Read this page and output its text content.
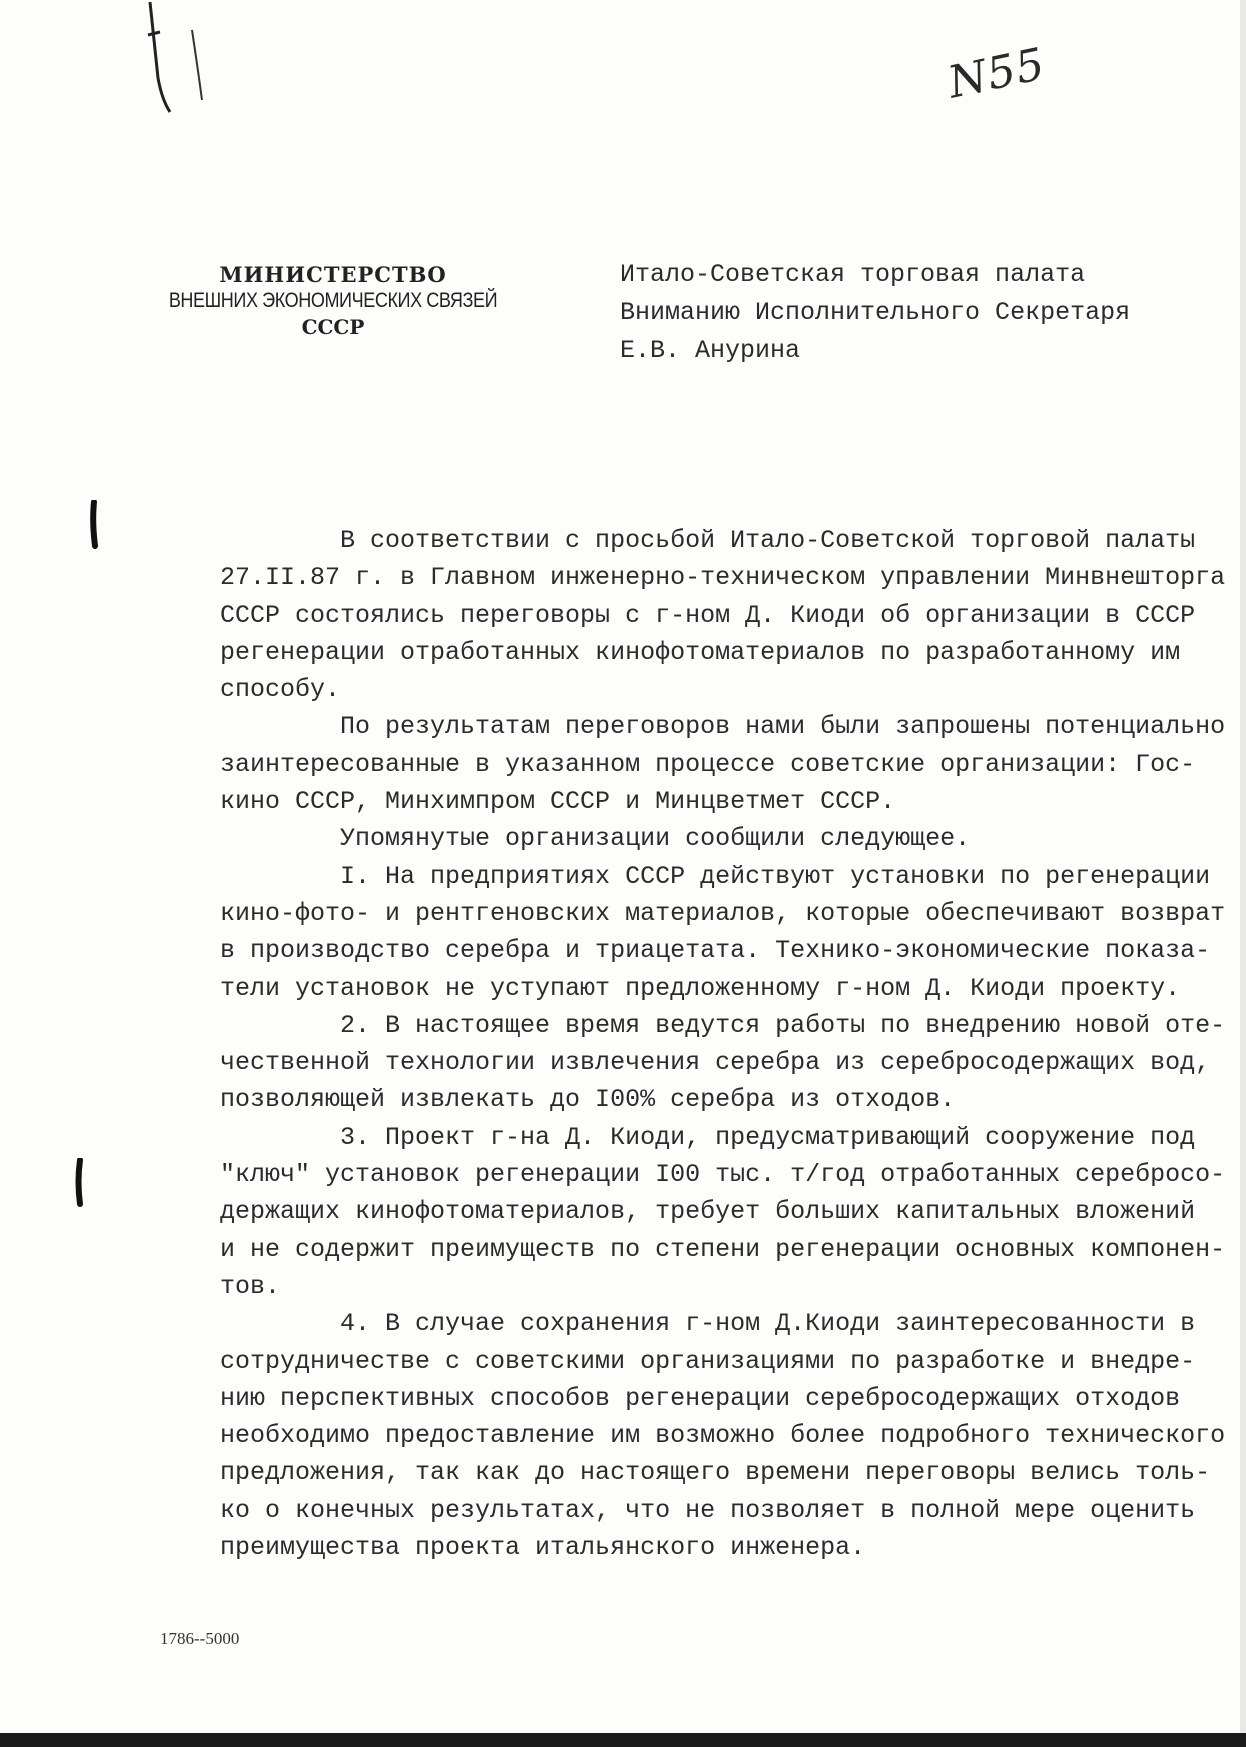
N55
МИНИСТЕРСТВО
ВНЕШНИХ ЭКОНОМИЧЕСКИХ СВЯЗЕЙ
СССР
Итало-Советская торговая палата
Вниманию Исполнительного Секретаря
Е.В. Анурина
В соответствии с просьбой Итало-Советской торговой палаты
27.II.87 г. в Главном инженерно-техническом управлении Минвнешторга
СССР состоялись переговоры с г-ном Д. Киоди об организации в СССР
регенерации отработанных кинофотоматериалов по разработанному им
способу.
По результатам переговоров нами были запрошены потенциально
заинтересованные в указанном процессе советские организации: Гос-
кино СССР, Минхимпром СССР и Минцветмет СССР.
Упомянутые организации сообщили следующее.
I. На предприятиях СССР действуют установки по регенерации
кино-фото- и рентгеновских материалов, которые обеспечивают возврат
в производство серебра и триацетата. Технико-экономические показа-
тели установок не уступают предложенному г-ном Д. Киоди проекту.
2. В настоящее время ведутся работы по внедрению новой оте-
чественной технологии извлечения серебра из серебросодержащих вод,
позволяющей извлекать до I00% серебра из отходов.
3. Проект г-на Д. Киоди, предусматривающий сооружение под
"ключ" установок регенерации I00 тыс. т/год отработанных серебросо-
держащих кинофотоматериалов, требует больших капитальных вложений
и не содержит преимуществ по степени регенерации основных компонен-
тов.
4. В случае сохранения г-ном Д.Киоди заинтересованности в
сотрудничестве с советскими организациями по разработке и внедре-
нию перспективных способов регенерации серебросодержащих отходов
необходимо предоставление им возможно более подробного технического
предложения, так как до настоящего времени переговоры велись толь-
ко о конечных результатах, что не позволяет в полной мере оценить
преимущества проекта итальянского инженера.
1786--5000
